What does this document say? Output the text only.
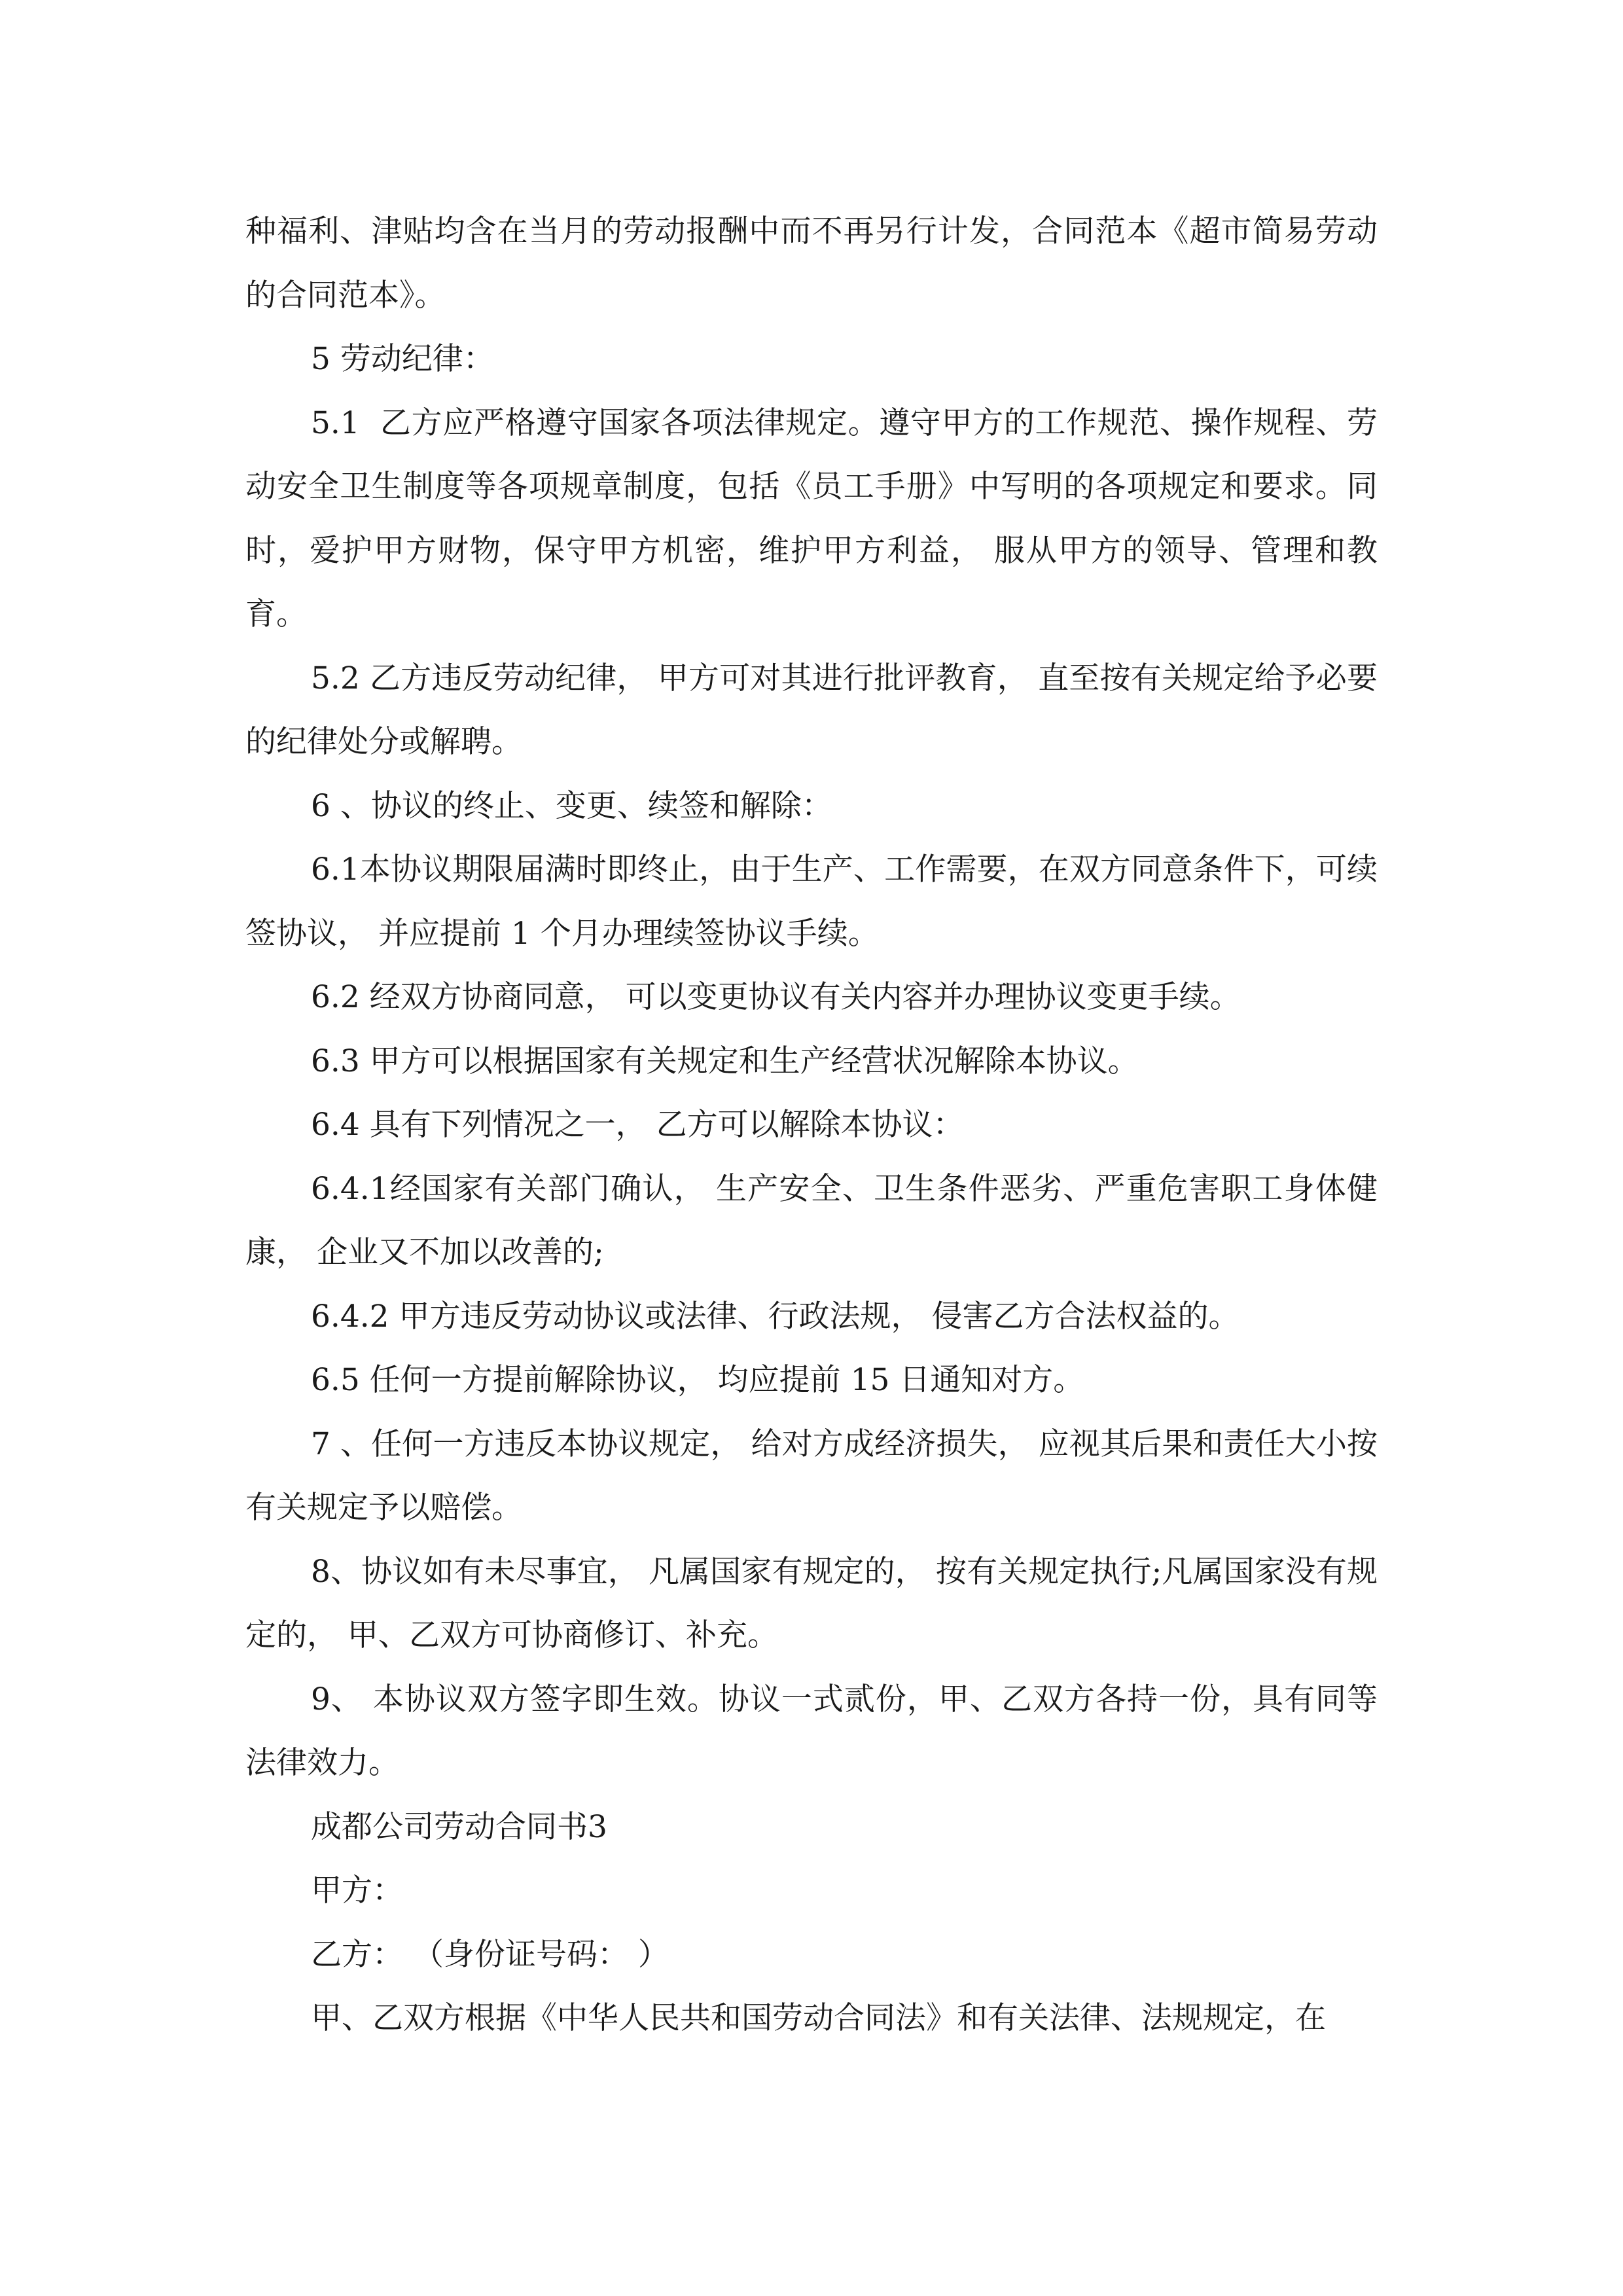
种福利、津贴均含在当月的劳动报酬中而不再另行计发，合同范本《超市简易劳动的合同范本》。

5 劳动纪律：

5.1  乙方应严格遵守国家各项法律规定。遵守甲方的工作规范、操作规程、劳动安全卫生制度等各项规章制度，包括《员工手册》中写明的各项规定和要求。同时，爱护甲方财物，保守甲方机密，维护甲方利益， 服从甲方的领导、管理和教育。

5.2 乙方违反劳动纪律， 甲方可对其进行批评教育， 直至按有关规定给予必要的纪律处分或解聘。

6 、协议的终止、变更、续签和解除：

6.1本协议期限届满时即终止，由于生产、工作需要，在双方同意条件下，可续签协议， 并应提前 1 个月办理续签协议手续。

6.2 经双方协商同意， 可以变更协议有关内容并办理协议变更手续。

6.3 甲方可以根据国家有关规定和生产经营状况解除本协议。

6.4 具有下列情况之一， 乙方可以解除本协议：

6.4.1经国家有关部门确认， 生产安全、卫生条件恶劣、严重危害职工身体健康， 企业又不加以改善的;

6.4.2 甲方违反劳动协议或法律、行政法规， 侵害乙方合法权益的。

6.5 任何一方提前解除协议， 均应提前 15 日通知对方。

7 、任何一方违反本协议规定， 给对方成经济损失， 应视其后果和责任大小按有关规定予以赔偿。

8、协议如有未尽事宜， 凡属国家有规定的， 按有关规定执行;凡属国家没有规定的， 甲、乙双方可协商修订、补充。

9、 本协议双方签字即生效。协议一式贰份，甲、乙双方各持一份，具有同等法律效力。

成都公司劳动合同书3

甲方：

乙方： （身份证号码： ）

甲、乙双方根据《中华人民共和国劳动合同法》和有关法律、法规规定，在
